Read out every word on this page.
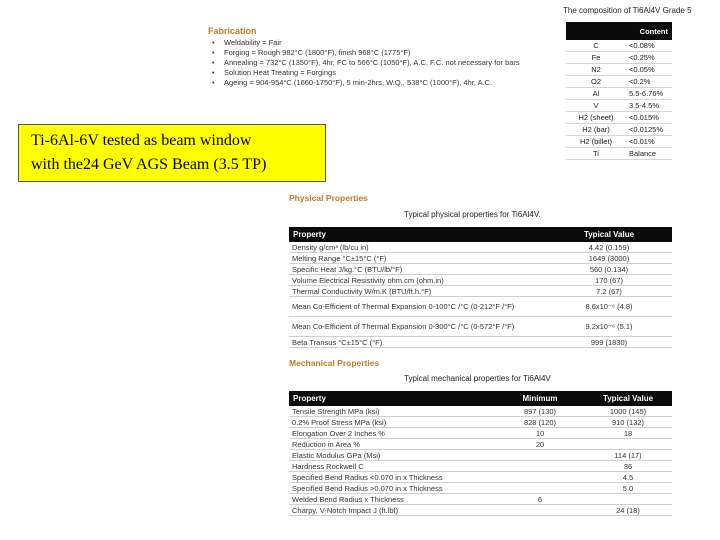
Fabrication
• Weldability = Fair
• Forging = Rough 982°C (1800°F), finish 968°C (1775°F)
• Annealing = 732°C (1350°F), 4hr, FC to 566°C (1050°F), A.C. F.C. not necessary for bars
• Solution Heat Treating = Forgings
• Ageing = 904-954°C (1660-1750°F), 5 min-2hrs, W.Q., 538°C (1000°F), 4hr, A.C.
The composition of Ti6Al4V Grade 5
Content	
C	<0.08%
Fe	<0.25%
N2	<0.05%
O2	<0.2%
Al	5.5-6.76%
V	3.5-4.5%
H2 (sheet)	<0.015%
H2 (bar)	<0.0125%
H2 (billet)	<0.01%
Ti	Balance
Ti-6Al-6V tested as beam window
with the24 GeV AGS Beam (3.5 TP)
Physical Properties
Typical physical properties for Ti6Al4V.
Property	Typical Value
Density g/cm³ (lb/cu in)	4.42 (0.159)
Melting Range °C±15°C (°F)	1649 (3000)
Specific Heat J/kg.°C (BTU/lb/°F)	560 (0.134)
Volume Electrical Resistivity ohm.cm (ohm.in)	170 (67)
Thermal Conductivity W/m.K (BTU/ft.h.°F)	7.2 (67)
Mean Co-Efficient of Thermal Expansion 0-100°C /°C (0-212°F /°F)	8.6x10⁻⁶ (4.8)
Mean Co-Efficient of Thermal Expansion 0-300°C /°C (0-572°F /°F)	9.2x10⁻⁶ (5.1)
Beta Transus °C±15°C (°F)	999 (1830)
Mechanical Properties
Typical mechanical properties for Ti6Al4V
Property	Minimum	Typical Value
Tensile Strength MPa (ksi)	897 (130)	1000 (145)
0.2% Proof Stress MPa (ksi)	828 (120)	910 (132)
Elongation Over 2 Inches %	10	18
Reduction in Area %	20	
Elastic Modulus GPa (Msi)		114 (17)
Hardness Rockwell C		36
Specified Bend Radius <0.070 in x Thickness		4.5
Specified Bend Radius >0.070 in x Thickness		5.0
Welded Bend Radius x Thickness	6	
Charpy, V-Notch Impact J (ft.lbf)		24 (18)
